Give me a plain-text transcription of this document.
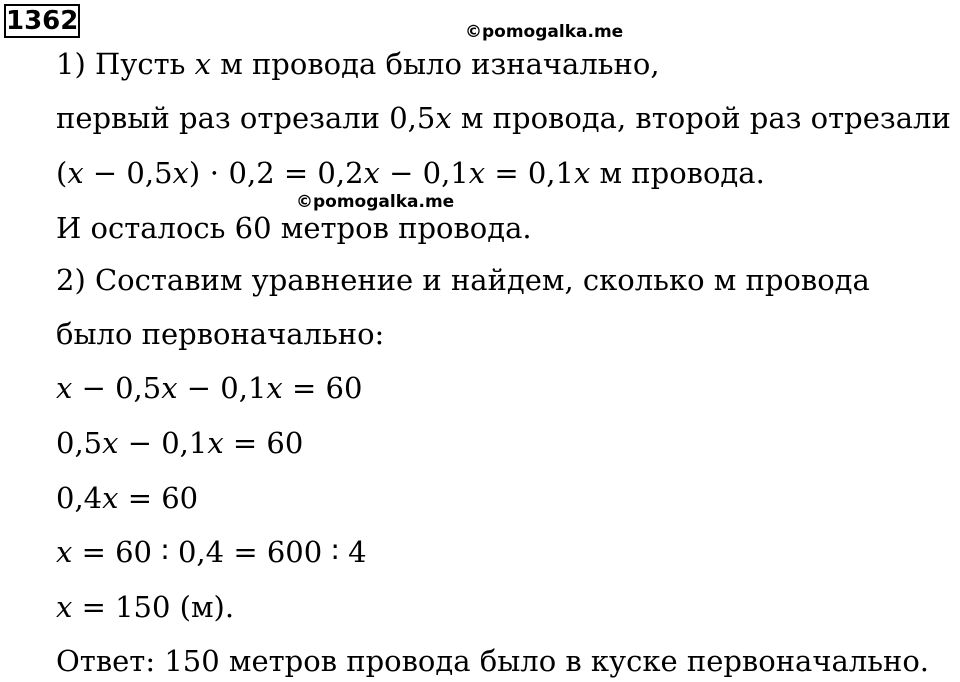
1362	©pomogalka.me
©pomogalka.me
1) Пусть 𝑥 м провода было изначально,
первый раз отрезали 0,5𝑥 м провода, второй раз отрезали
(𝑥 − 0,5𝑥) ⋅ 0,2 = 0,2𝑥 − 0,1𝑥 = 0,1𝑥 м провода.
И осталось 60 метров провода.
2) Составим уравнение и найдем, сколько м провода
было первоначально:
𝑥 − 0,5𝑥 − 0,1𝑥 = 60
0,5𝑥 − 0,1𝑥 = 60
0,4𝑥 = 60
𝑥 = 60 ∶ 0,4 = 600 ∶ 4
𝑥 = 150 (м).
Ответ: 150 метров провода было в куске первоначально.
